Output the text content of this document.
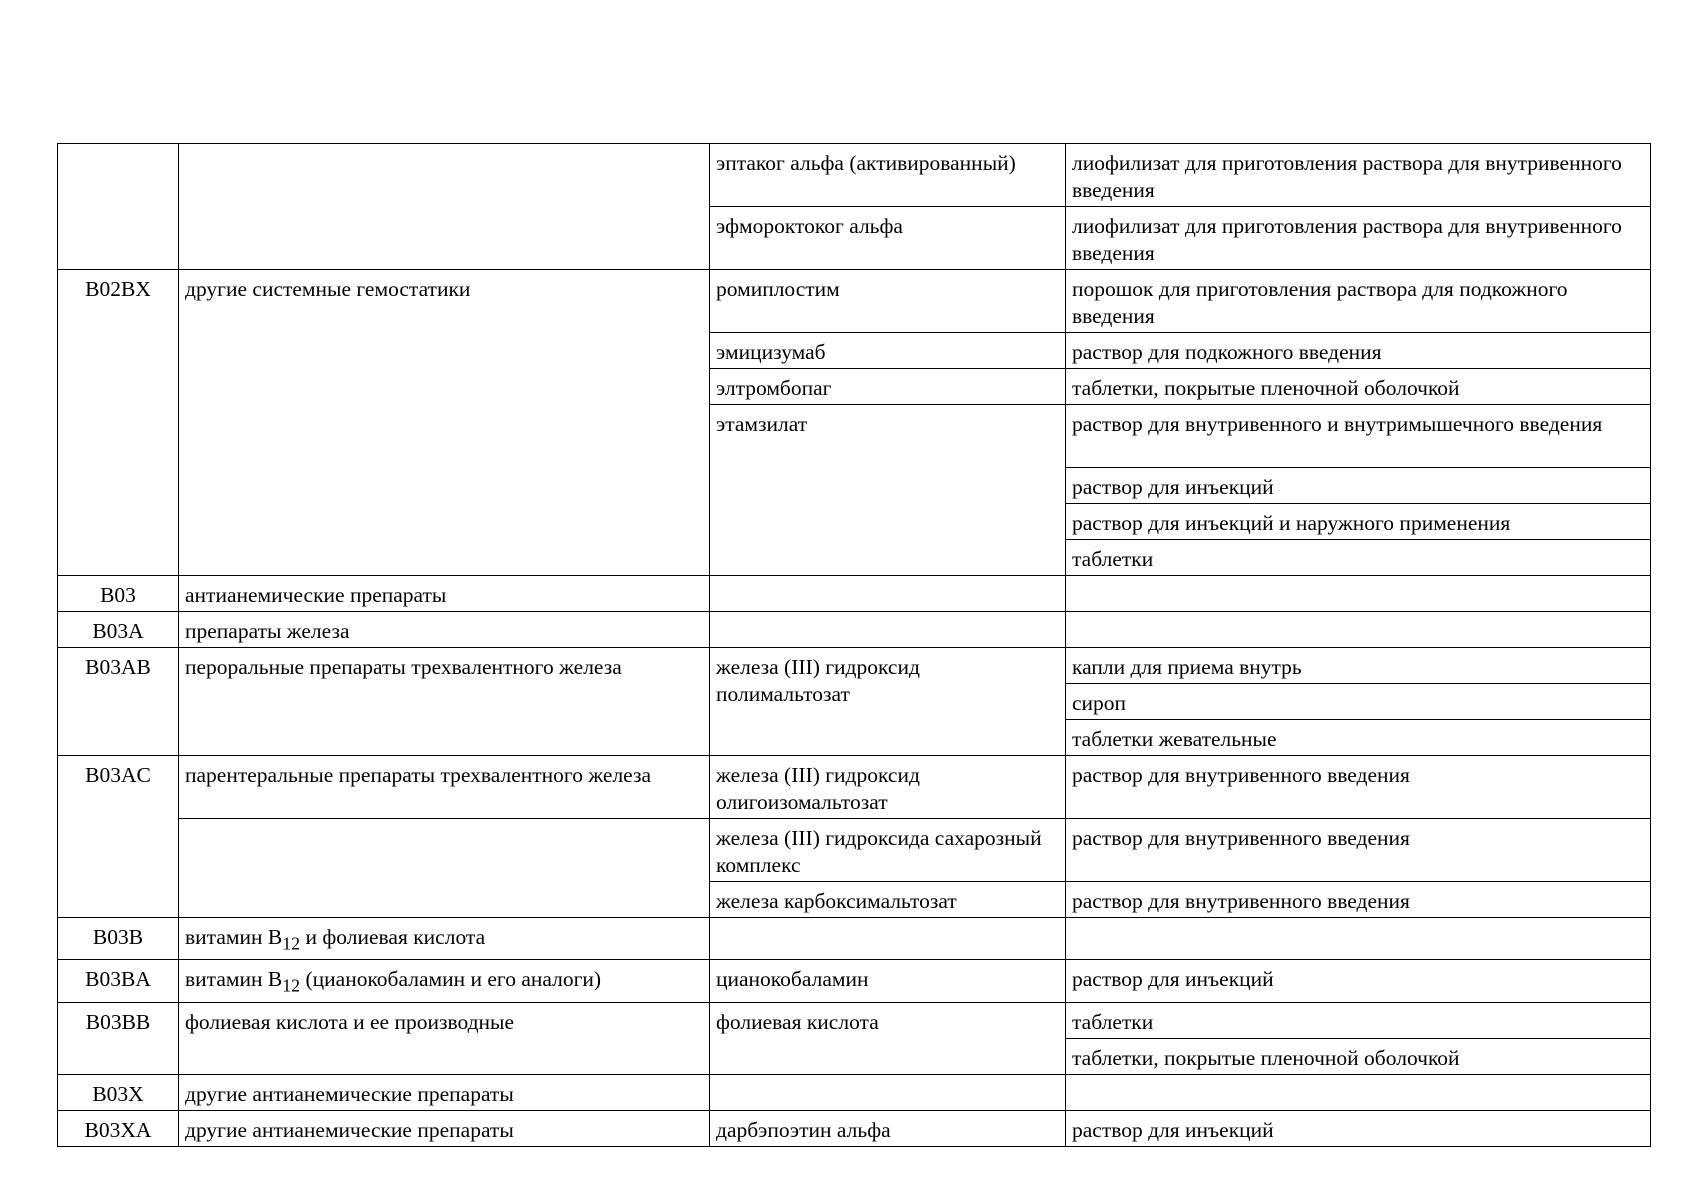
		эптаког альфа (активированный)	лиофилизат для приготовления раствора для внутривенного введения
		эфмороктоког альфа	лиофилизат для приготовления раствора для внутривенного введения
B02BX	другие системные гемостатики	ромиплостим	порошок для приготовления раствора для подкожного введения
		эмицизумаб	раствор для подкожного введения
		элтромбопаг	таблетки, покрытые пленочной оболочкой
		этамзилат	раствор для внутривенного и внутримышечного введения
			раствор для инъекций
			раствор для инъекций и наружного применения
			таблетки
B03	антианемические препараты		
B03A	препараты железа		
B03AB	пероральные препараты трехвалентного железа	железа (III) гидроксид полимальтозат	капли для приема внутрь
			сироп
			таблетки жевательные
B03AC	парентеральные препараты трехвалентного железа	железа (III) гидроксид олигоизомальтозат	раствор для внутривенного введения
		железа (III) гидроксида сахарозный комплекс	раствор для внутривенного введения
		железа карбоксимальтозат	раствор для внутривенного введения
B03B	витамин $B_{12}$ и фолиевая кислота		
B03BA	витамин $B_{12}$ (цианокобаламин и его аналоги)	цианокобаламин	раствор для инъекций
B03BB	фолиевая кислота и ее производные	фолиевая кислота	таблетки
			таблетки, покрытые пленочной оболочкой
B03X	другие антианемические препараты		
B03XA	другие антианемические препараты	дарбэпоэтин альфа	раствор для инъекций
